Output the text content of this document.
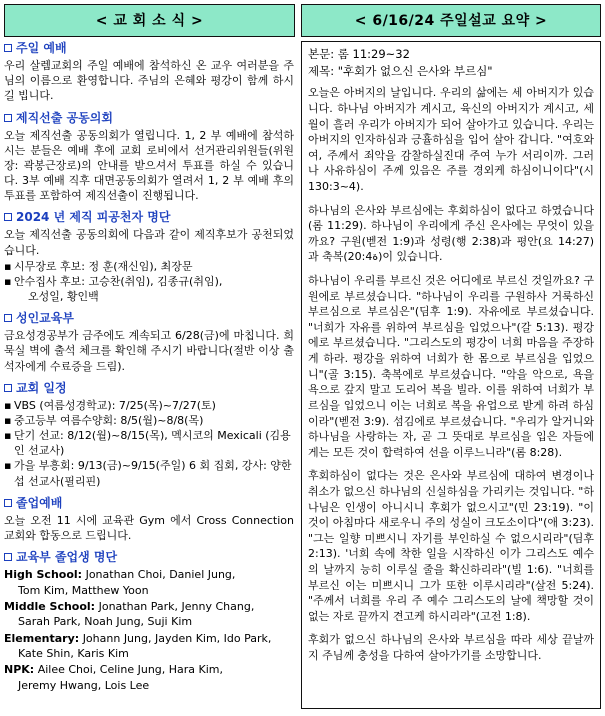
< 교 회 소 식 >	< 6/16/24 주일설교 요약 >
주일 예배
우리 살렘교회의 주일 예배에 참석하신 온 교우 여러분을 주님의 이름으로 환영합니다. 주님의 은혜와 평강이 함께 하시길 빕니다.
제직선출 공동의회
오늘 제직선출 공동의회가 열립니다. 1, 2 부 예배에 참석하시는 분들은 예배 후에 교회 로비에서 선거관리위원들(위원장: 곽봉근장로)의 안내를 받으셔서 투표를 하실 수 있습니다. 3부 예배 직후 대면공동의회가 열려서 1, 2 부 예배 후의 투표를 포함하여 제직선출이 진행됩니다.
2024 년 제직 피공천자 명단
오늘 제직선출 공동의회에 다음과 같이 제직후보가 공천되었습니다.
▪ 시무장로 후보: 정 훈(재신임), 최장문
▪ 안수집사 후보: 고승찬(취임), 김종규(취임),
오성일, 황인백
성인교육부
금요성경공부가 금주에도 계속되고 6/28(금)에 마칩니다. 희묵실 벽에 출석 체크를 확인해 주시기 바랍니다(절반 이상 출석자에게 수료증을 드림).
교회 일정
▪ VBS (여름성경학교): 7/25(목)~7/27(토)
▪ 중고등부 여름수양회: 8/5(월)~8/8(목)
▪ 단기 선교: 8/12(월)~8/15(목), 멕시코의 Mexicali (김용인 선교사)
▪ 가을 부흥회: 9/13(금)~9/15(주일) 6 회 집회, 강사: 양한섭 선교사(필리핀)
졸업예배
오늘 오전 11 시에 교육관 Gym 에서 Cross Connection 교회와 합동으로 드립니다.
교육부 졸업생 명단
High School: Jonathan Choi, Daniel Jung,
Tom Kim, Matthew Yoon
Middle School: Jonathan Park, Jenny Chang,
Sarah Park, Noah Jung, Suji Kim
Elementary: Johann Jung, Jayden Kim, Ido Park,
Kate Shin, Karis Kim
NPK: Ailee Choi, Celine Jung, Hara Kim,
Jeremy Hwang, Lois Lee
본문: 롬 11:29~32
제목: "후회가 없으신 은사와 부르심"
오늘은 아버지의 날입니다. 우리의 삶에는 세 아버지가 있습니다. 하나님 아버지가 계시고, 육신의 아버지가 계시고, 세월이 흘러 우리가 아버지가 되어 살아가고 있습니다. 우리는 아버지의 인자하심과 긍휼하심을 입어 살아 갑니다. "여호와여, 주께서 죄악을 감찰하실진대 주여 누가 서리이까. 그러나 사유하심이 주께 있음은 주를 경외케 하심이니이다"(시 130:3~4).
하나님의 은사와 부르심에는 후회하심이 없다고 하였습니다(롬 11:29). 하나님이 우리에게 주신 은사에는 무엇이 있을까요? 구원(벧전 1:9)과 성령(행 2:38)과 평안(요 14:27)과 축복(ة20:4)이 있습니다.
하나님이 우리를 부르신 것은 어디에로 부르신 것일까요? 구원에로 부르셨습니다. "하나님이 우리를 구원하사 거룩하신 부르심으로 부르심은"(딤후 1:9). 자유에로 부르셨습니다. "너희가 자유를 위하여 부르심을 입었으나"(갈 5:13). 평강에로 부르셨습니다. "그리스도의 평강이 너희 마음을 주장하게 하라. 평강을 위하여 너희가 한 몸으로 부르심을 입었으니"(골 3:15). 축복에로 부르셨습니다. "악을 악으로, 욕을 욕으로 갚지 말고 도리어 복을 빌라. 이를 위하여 너희가 부르심을 입었으니 이는 너희로 복을 유업으로 받게 하려 하심이라"(벧전 3:9). 섬김에로 부르셨습니다. "우리가 알거니와 하나님을 사랑하는 자, 곧 그 뜻대로 부르심을 입은 자들에게는 모든 것이 합력하여 선을 이루느니라"(롬 8:28).
후회하심이 없다는 것은 은사와 부르심에 대하여 변경이나 취소가 없으신 하나님의 신실하심을 가리키는 것입니다. "하나님은 인생이 아니시니 후회가 없으시고"(민 23:19). "이것이 아침마다 새로우니 주의 성실이 크도소이다"(애 3:23). "그는 일향 미쁘시니 자기를 부인하실 수 없으시리라"(딤후 2:13). '너희 속에 착한 일을 시작하신 이가 그리스도 예수의 날까지 능히 이루실 줄을 확신하리라"(빌 1:6). "너희를 부르신 이는 미쁘시니 그가 또한 이루시리라"(살전 5:24). "주께서 너희를 우리 주 예수 그리스도의 날에 책망할 것이 없는 자로 끝까지 견고케 하시리라"(고전 1:8).
후회가 없으신 하나님의 은사와 부르심을 따라 세상 끝날까지 주님께 충성을 다하여 살아가기를 소망합니다.
